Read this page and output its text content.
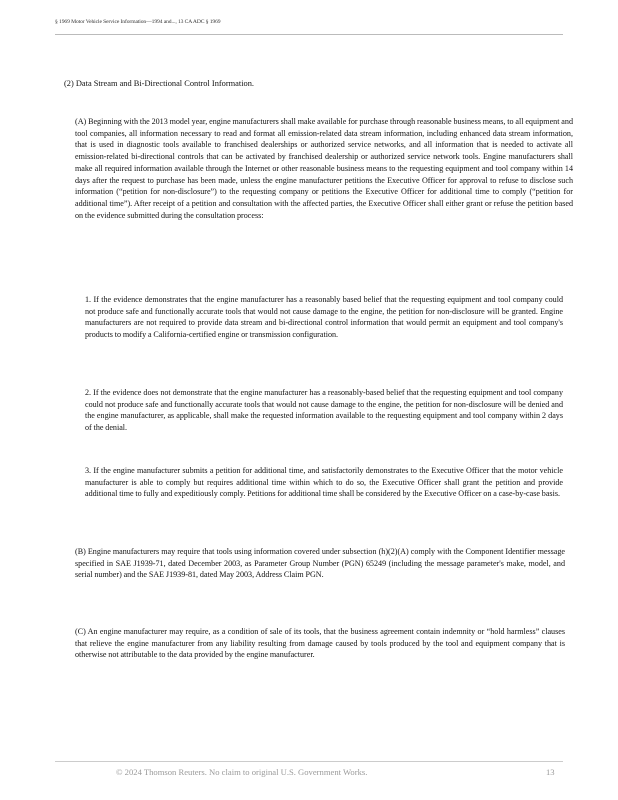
§ 1969 Motor Vehicle Service Information—1994 and..., 13 CA ADC § 1969
(2) Data Stream and Bi-Directional Control Information.

(A) Beginning with the 2013 model year, engine manufacturers shall make available for purchase through reasonable business means, to all equipment and tool companies, all information necessary to read and format all emission-related data stream information, including enhanced data stream information, that is used in diagnostic tools available to franchised dealerships or authorized service networks, and all information that is needed to activate all emission-related bi-directional controls that can be activated by franchised dealership or authorized service network tools. Engine manufacturers shall make all required information available through the Internet or other reasonable business means to the requesting equipment and tool company within 14 days after the request to purchase has been made, unless the engine manufacturer petitions the Executive Officer for approval to refuse to disclose such information (“petition for non-disclosure”) to the requesting company or petitions the Executive Officer for additional time to comply (“petition for additional time”). After receipt of a petition and consultation with the affected parties, the Executive Officer shall either grant or refuse the petition based on the evidence submitted during the consultation process:

1. If the evidence demonstrates that the engine manufacturer has a reasonably based belief that the requesting equipment and tool company could not produce safe and functionally accurate tools that would not cause damage to the engine, the petition for non-disclosure will be granted. Engine manufacturers are not required to provide data stream and bi-directional control information that would permit an equipment and tool company's products to modify a California-certified engine or transmission configuration.

2. If the evidence does not demonstrate that the engine manufacturer has a reasonably-based belief that the requesting equipment and tool company could not produce safe and functionally accurate tools that would not cause damage to the engine, the petition for non-disclosure will be denied and the engine manufacturer, as applicable, shall make the requested information available to the requesting equipment and tool company within 2 days of the denial.

3. If the engine manufacturer submits a petition for additional time, and satisfactorily demonstrates to the Executive Officer that the motor vehicle manufacturer is able to comply but requires additional time within which to do so, the Executive Officer shall grant the petition and provide additional time to fully and expeditiously comply. Petitions for additional time shall be considered by the Executive Officer on a case-by-case basis.

(B) Engine manufacturers may require that tools using information covered under subsection (h)(2)(A) comply with the Component Identifier message specified in SAE J1939-71, dated December 2003, as Parameter Group Number (PGN) 65249 (including the message parameter's make, model, and serial number) and the SAE J1939-81, dated May 2003, Address Claim PGN.

(C) An engine manufacturer may require, as a condition of sale of its tools, that the business agreement contain indemnity or “hold harmless” clauses that relieve the engine manufacturer from any liability resulting from damage caused by tools produced by the tool and equipment company that is otherwise not attributable to the data provided by the engine manufacturer.

© 2024 Thomson Reuters. No claim to original U.S. Government Works.	13
